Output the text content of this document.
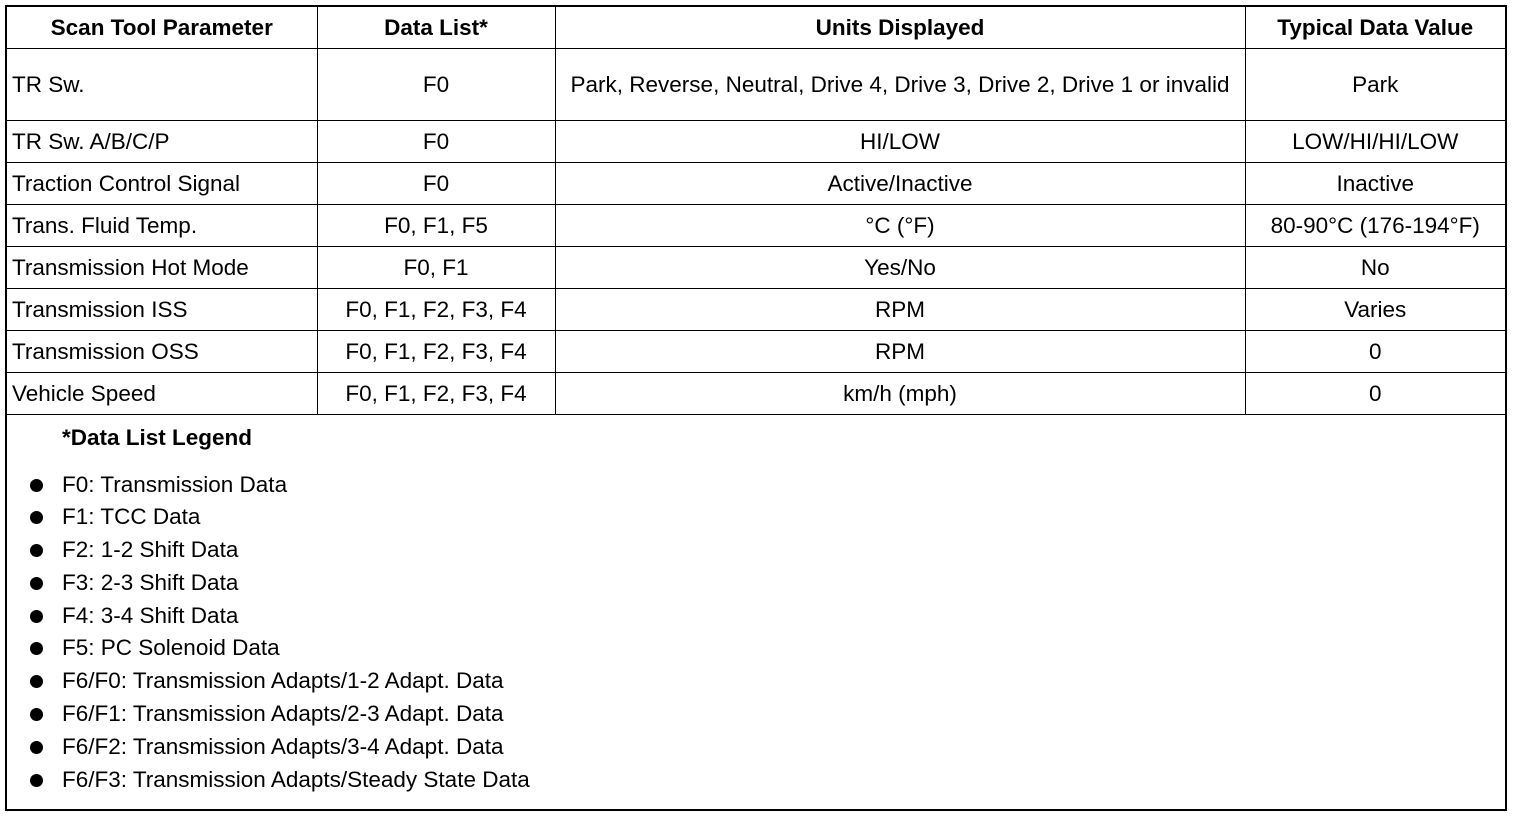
Scan Tool Parameter	Data List*	Units Displayed	Typical Data Value
TR Sw.	F0	Park, Reverse, Neutral, Drive 4, Drive 3, Drive 2, Drive 1 or invalid	Park
TR Sw. A/B/C/P	F0	HI/LOW	LOW/HI/HI/LOW
Traction Control Signal	F0	Active/Inactive	Inactive
Trans. Fluid Temp.	F0, F1, F5	°C (°F)	80-90°C (176-194°F)
Transmission Hot Mode	F0, F1	Yes/No	No
Transmission ISS	F0, F1, F2, F3, F4	RPM	Varies
Transmission OSS	F0, F1, F2, F3, F4	RPM	0
Vehicle Speed	F0, F1, F2, F3, F4	km/h (mph)	0
*Data List Legend
F0: Transmission Data
F1: TCC Data
F2: 1-2 Shift Data
F3: 2-3 Shift Data
F4: 3-4 Shift Data
F5: PC Solenoid Data
F6/F0: Transmission Adapts/1-2 Adapt. Data
F6/F1: Transmission Adapts/2-3 Adapt. Data
F6/F2: Transmission Adapts/3-4 Adapt. Data
F6/F3: Transmission Adapts/Steady State Data
